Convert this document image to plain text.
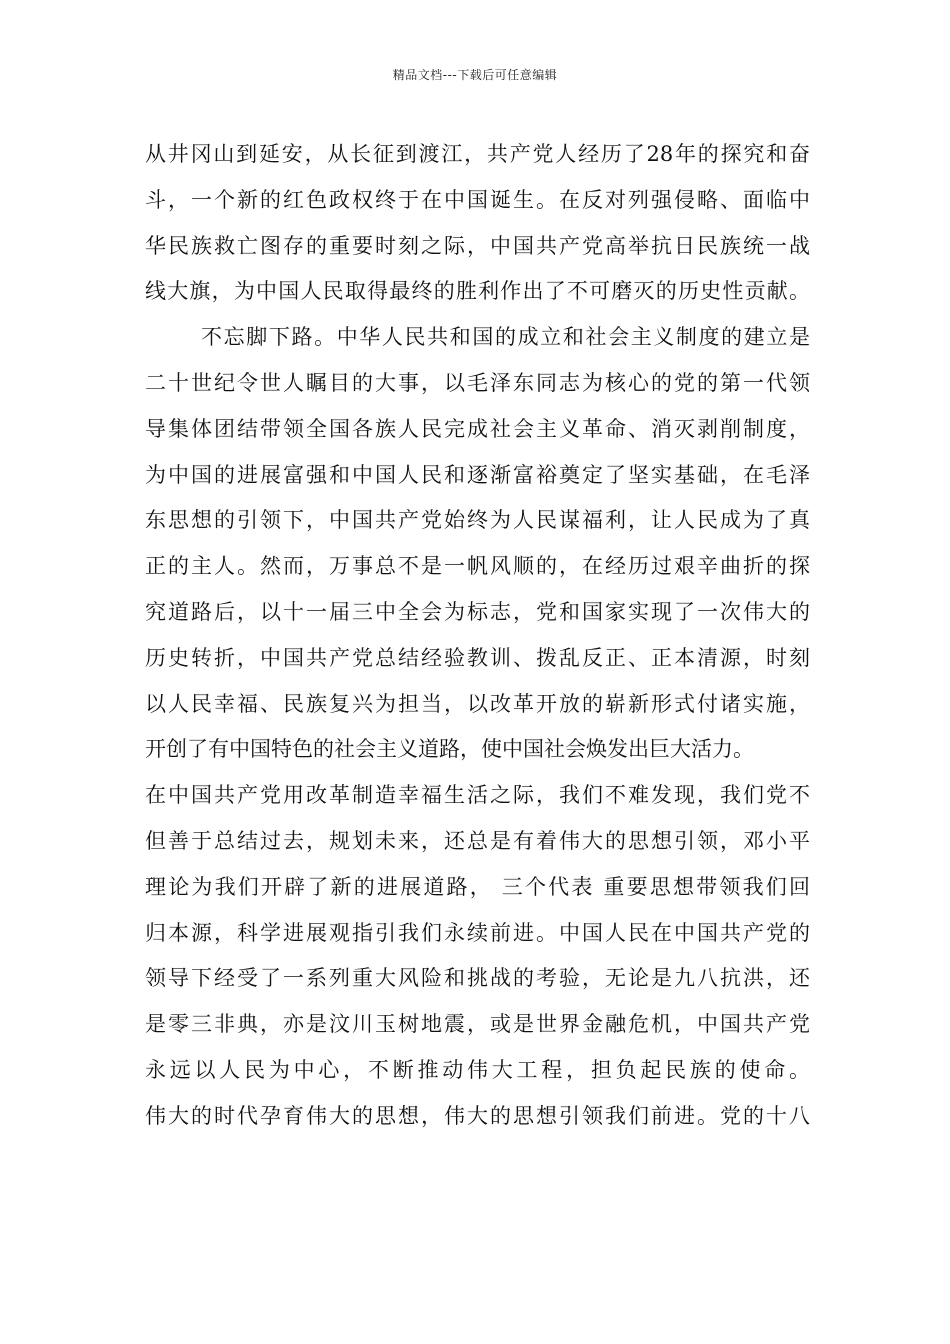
精品文档---下载后可任意编辑
从井冈山到延安，从长征到渡江，共产党人经历了28年的探究和奋
斗，一个新的红色政权终于在中国诞生。在反对列强侵略、面临中
华民族救亡图存的重要时刻之际，中国共产党高举抗日民族统一战
线大旗，为中国人民取得最终的胜利作出了不可磨灭的历史性贡献。
不忘脚下路。中华人民共和国的成立和社会主义制度的建立是
二十世纪令世人瞩目的大事，以毛泽东同志为核心的党的第一代领
导集体团结带领全国各族人民完成社会主义革命、消灭剥削制度，
为中国的进展富强和中国人民和逐渐富裕奠定了坚实基础，在毛泽
东思想的引领下，中国共产党始终为人民谋福利，让人民成为了真
正的主人。然而，万事总不是一帆风顺的，在经历过艰辛曲折的探
究道路后，以十一届三中全会为标志，党和国家实现了一次伟大的
历史转折，中国共产党总结经验教训、拨乱反正、正本清源，时刻
以人民幸福、民族复兴为担当，以改革开放的崭新形式付诸实施，
开创了有中国特色的社会主义道路，使中国社会焕发出巨大活力。
在中国共产党用改革制造幸福生活之际，我们不难发现，我们党不
但善于总结过去，规划未来，还总是有着伟大的思想引领，邓小平
理论为我们开辟了新的进展道路， 三个代表 重要思想带领我们回
归本源，科学进展观指引我们永续前进。中国人民在中国共产党的
领导下经受了一系列重大风险和挑战的考验，无论是九八抗洪，还
是零三非典，亦是汶川玉树地震，或是世界金融危机，中国共产党
永远以人民为中心，不断推动伟大工程，担负起民族的使命。
伟大的时代孕育伟大的思想，伟大的思想引领我们前进。党的十八
